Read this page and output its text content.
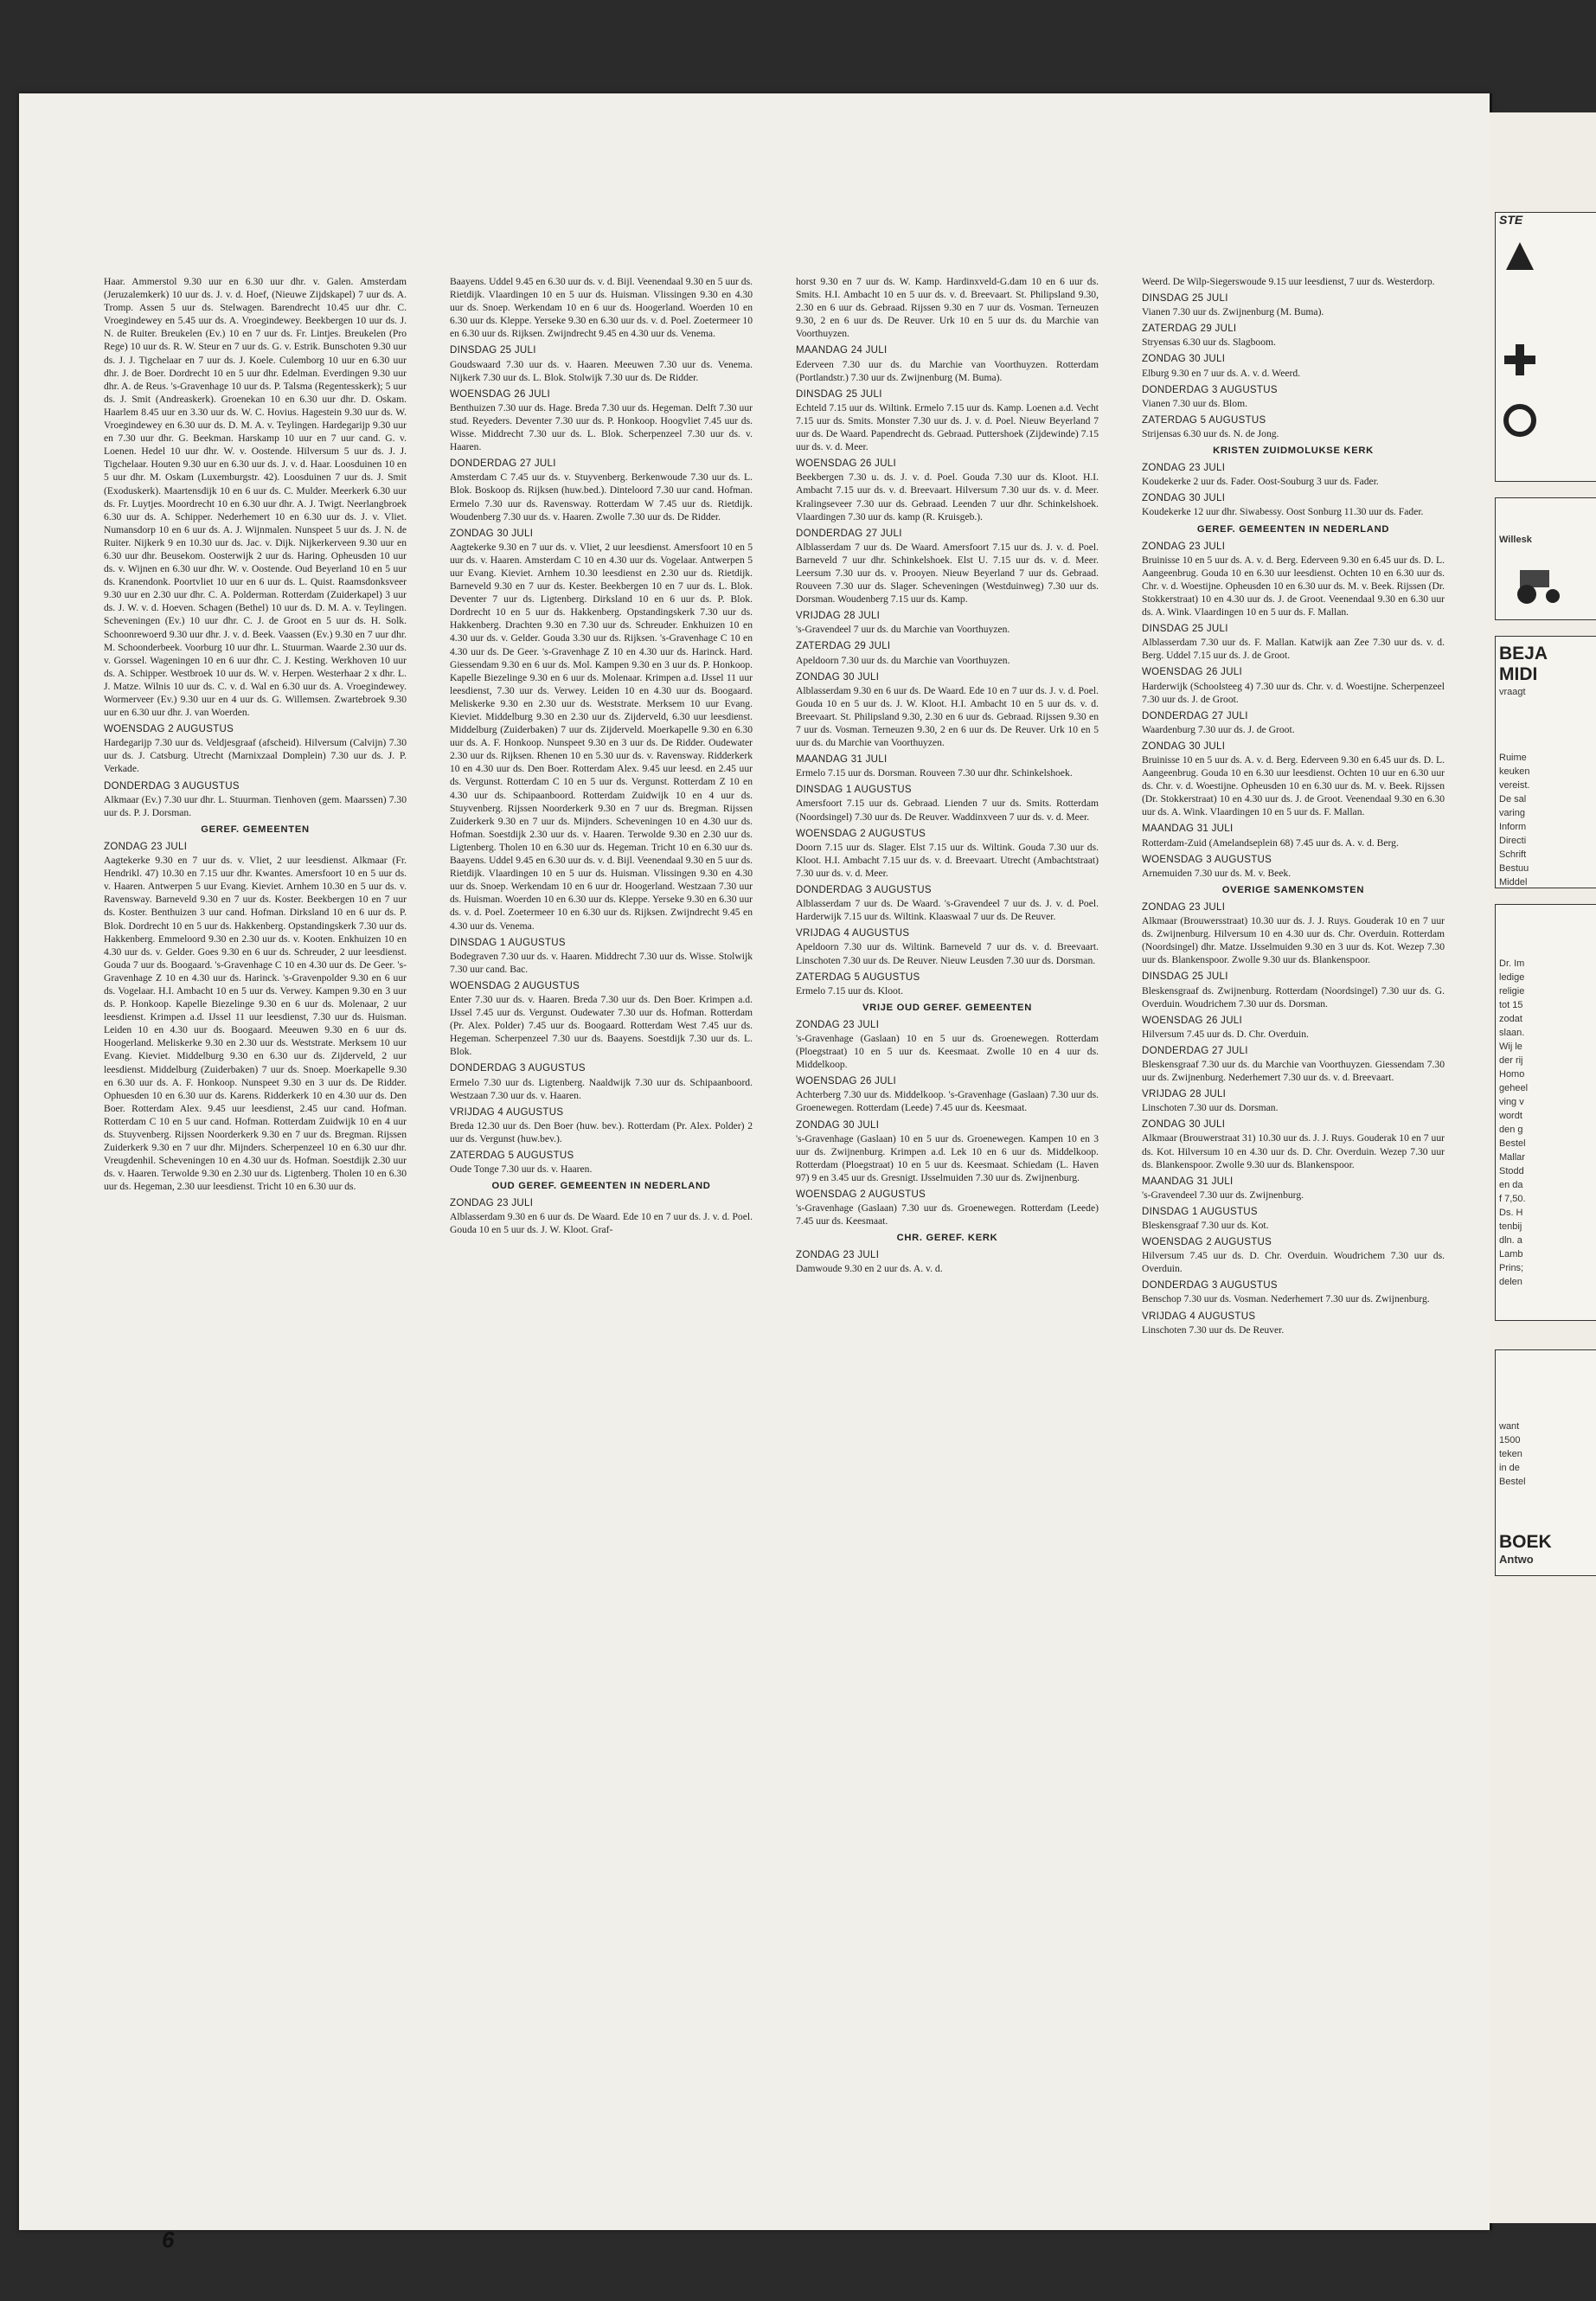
Haar. Ammerstol 9.30 uur en 6.30 uur dhr. v. Galen. Amsterdam (Jeruzalemkerk) 10 uur ds. J. v. d. Hoef, (Nieuwe Zijdskapel) 7 uur ds. A. Tromp. Assen 5 uur ds. Stelwagen. Barendrecht 10.45 uur dhr. C. Vroegindewey en 5.45 uur ds. A. Vroegindewey. Beekbergen 10 uur ds. J. N. de Ruiter. Breukelen (Ev.) 10 en 7 uur ds. Fr. Lintjes. Breukelen (Pro Rege) 10 uur ds. R. W. Steur en 7 uur ds. G. v. Estrik. Bunschoten 9.30 uur ds. J. J. Tigchelaar en 7 uur ds. J. Koele. Culemborg 10 uur en 6.30 uur dhr. J. de Boer. Dordrecht 10 en 5 uur dhr. Edelman. Everdingen 9.30 uur dhr. A. de Reus. 's-Gravenhage 10 uur ds. P. Talsma (Regentesskerk); 5 uur ds. J. Smit (Andreaskerk). Groenekan 10 en 6.30 uur dhr. D. Oskam. Haarlem 8.45 uur en 3.30 uur ds. W. C. Hovius. Hagestein 9.30 uur ds. W. Vroegindewey en 6.30 uur ds. D. M. A. v. Teylingen. Hardegarijp 9.30 uur en 7.30 uur dhr. G. Beekman. Harskamp 10 uur en 7 uur cand. G. v. Loenen. Hedel 10 uur dhr. W. v. Oostende. Hilversum 5 uur ds. J. J. Tigchelaar. Houten 9.30 uur en 6.30 uur ds. J. v. d. Haar. Loosduinen 10 en 5 uur dhr. M. Oskam (Luxemburgstr. 42). Loosduinen 7 uur ds. J. Smit (Exoduskerk). Maartensdijk 10 en 6 uur ds. C. Mulder. Meerkerk 6.30 uur ds. Fr. Luytjes. Moordrecht 10 en 6.30 uur dhr. A. J. Twigt. Neerlangbroek 6.30 uur ds. A. Schipper. Nederhemert 10 en 6.30 uur ds. J. v. Vliet. Numansdorp 10 en 6 uur ds. A. J. Wijnmalen. Nunspeet 5 uur ds. J. N. de Ruiter. Nijkerk 9 en 10.30 uur ds. Jac. v. Dijk. Nijkerkerveen 9.30 uur en 6.30 uur dhr. Beusekom. Oosterwijk 2 uur ds. Haring. Opheusden 10 uur ds. v. Wijnen en 6.30 uur dhr. W. v. Oostende. Oud Beyerland 10 en 5 uur ds. Kranendonk. Poortvliet 10 uur en 6 uur ds. L. Quist. Raamsdonksveer 9.30 uur en 2.30 uur dhr. C. A. Polderman. Rotterdam (Zuiderkapel) 3 uur ds. J. W. v. d. Hoeven. Schagen (Bethel) 10 uur ds. D. M. A. v. Teylingen. Scheveningen (Ev.) 10 uur dhr. C. J. de Groot en 5 uur ds. H. Solk. Schoonrewoerd 9.30 uur dhr. J. v. d. Beek. Vaassen (Ev.) 9.30 en 7 uur dhr. M. Schoonderbeek. Voorburg 10 uur dhr. L. Stuurman. Waarde 2.30 uur ds. v. Gorssel. Wageningen 10 en 6 uur dhr. C. J. Kesting. Werkhoven 10 uur ds. A. Schipper. Westbroek 10 uur ds. W. v. Herpen. Westerhaar 2 x dhr. L. J. Matze. Wilnis 10 uur ds. C. v. d. Wal en 6.30 uur ds. A. Vroegindewey. Wormerveer (Ev.) 9.30 uur en 4 uur ds. G. Willemsen. Zwartebroek 9.30 uur en 6.30 uur dhr. J. van Woerden.

WOENSDAG 2 AUGUSTUS

Hardegarijp 7.30 uur ds. Veldjesgraaf (afscheid). Hilversum (Calvijn) 7.30 uur ds. J. Catsburg. Utrecht (Marnixzaal Domplein) 7.30 uur ds. J. P. Verkade.

DONDERDAG 3 AUGUSTUS

Alkmaar (Ev.) 7.30 uur dhr. L. Stuurman. Tienhoven (gem. Maarssen) 7.30 uur ds. P. J. Dorsman.

GEREF. GEMEENTEN

ZONDAG 23 JULI

Aagtekerke 9.30 en 7 uur ds. v. Vliet, 2 uur leesdienst. Alkmaar (Fr. Hendrikl. 47) 10.30 en 7.15 uur dhr. Kwantes. Amersfoort 10 en 5 uur ds. v. Haaren. Antwerpen 5 uur Evang. Kieviet. Arnhem 10.30 en 5 uur ds. v. Ravensway. Barneveld 9.30 en 7 uur ds. Koster. Beekbergen 10 en 7 uur ds. Koster. Benthuizen 3 uur cand. Hofman. Dirksland 10 en 6 uur ds. P. Blok. Dordrecht 10 en 5 uur ds. Hakkenberg. Opstandingskerk 7.30 uur ds. Hakkenberg. Emmeloord 9.30 en 2.30 uur ds. v. Kooten. Enkhuizen 10 en 4.30 uur ds. v. Gelder. Goes 9.30 en 6 uur ds. Schreuder, 2 uur leesdienst. Gouda 7 uur ds. Boogaard. 's-Gravenhage C 10 en 4.30 uur ds. De Geer. 's-Gravenhage Z 10 en 4.30 uur ds. Harinck. 's-Gravenpolder 9.30 en 6 uur ds. Vogelaar. H.I. Ambacht 10 en 5 uur ds. Verwey. Kampen 9.30 en 3 uur ds. P. Honkoop. Kapelle Biezelinge 9.30 en 6 uur ds. Molenaar, 2 uur leesdienst. Krimpen a.d. IJssel 11 uur leesdienst, 7.30 uur ds. Huisman. Leiden 10 en 4.30 uur ds. Boogaard. Meeuwen 9.30 en 6 uur ds. Hoogerland. Meliskerke 9.30 en 2.30 uur ds. Weststrate. Merksem 10 uur Evang. Kieviet. Middelburg 9.30 en 6.30 uur ds. Zijderveld, 2 uur leesdienst. Middelburg (Zuiderbaken) 7 uur ds. Snoep. Moerkapelle 9.30 en 6.30 uur ds. A. F. Honkoop. Nunspeet 9.30 en 3 uur ds. De Ridder. Ophuesden 10 en 6.30 uur ds. Karens. Ridderkerk 10 en 4.30 uur ds. Den Boer. Rotterdam Alex. 9.45 uur leesdienst, 2.45 uur cand. Hofman. Rotterdam C 10 en 5 uur cand. Hofman. Rotterdam Zuidwijk 10 en 4 uur ds. Stuyvenberg. Rijssen Noorderkerk 9.30 en 7 uur ds. Bregman. Rijssen Zuiderkerk 9.30 en 7 uur dhr. Mijnders. Scherpenzeel 10 en 6.30 uur dhr. Vreugdenhil. Scheveningen 10 en 4.30 uur ds. Hofman. Soestdijk 2.30 uur ds. v. Haaren. Terwolde 9.30 en 2.30 uur ds. Ligtenberg. Tholen 10 en 6.30 uur ds. Hegeman, 2.30 uur leesdienst. Tricht 10 en 6.30 uur ds.

Baayens. Uddel 9.45 en 6.30 uur ds. v. d. Bijl. Veenendaal 9.30 en 5 uur ds. Rietdijk. Vlaardingen 10 en 5 uur ds. Huisman. Vlissingen 9.30 en 4.30 uur ds. Snoep. Werkendam 10 en 6 uur ds. Hoogerland. Woerden 10 en 6.30 uur ds. Kleppe. Yerseke 9.30 en 6.30 uur ds. v. d. Poel. Zoetermeer 10 en 6.30 uur ds. Rijksen. Zwijndrecht 9.45 en 4.30 uur ds. Venema.

DINSDAG 25 JULI

Goudswaard 7.30 uur ds. v. Haaren. Meeuwen 7.30 uur ds. Venema. Nijkerk 7.30 uur ds. L. Blok. Stolwijk 7.30 uur ds. De Ridder.

WOENSDAG 26 JULI

Benthuizen 7.30 uur ds. Hage. Breda 7.30 uur ds. Hegeman. Delft 7.30 uur stud. Reyeders. Deventer 7.30 uur ds. P. Honkoop. Hoogvliet 7.45 uur ds. Wisse. Middrecht 7.30 uur ds. L. Blok. Scherpenzeel 7.30 uur ds. v. Haaren.

DONDERDAG 27 JULI

Amsterdam C 7.45 uur ds. v. Stuyvenberg. Berkenwoude 7.30 uur ds. L. Blok. Boskoop ds. Rijksen (huw.bed.). Dinteloord 7.30 uur cand. Hofman. Ermelo 7.30 uur ds. Ravensway. Rotterdam W 7.45 uur ds. Rietdijk. Woudenberg 7.30 uur ds. v. Haaren. Zwolle 7.30 uur ds. De Ridder.

ZONDAG 30 JULI

Aagtekerke 9.30 en 7 uur ds. v. Vliet, 2 uur leesdienst. Amersfoort 10 en 5 uur ds. v. Haaren. Amsterdam C 10 en 4.30 uur ds. Vogelaar. Antwerpen 5 uur Evang. Kieviet. Arnhem 10.30 leesdienst en 2.30 uur ds. Rietdijk. Barneveld 9.30 en 7 uur ds. Kester. Beekbergen 10 en 7 uur ds. L. Blok. Deventer 7 uur ds. Ligtenberg. Dirksland 10 en 6 uur ds. P. Blok. Dordrecht 10 en 5 uur ds. Hakkenberg. Opstandingskerk 7.30 uur ds. Hakkenberg. Drachten 9.30 en 7.30 uur ds. Schreuder. Enkhuizen 10 en 4.30 uur ds. v. Gelder. Gouda 3.30 uur ds. Rijksen. 's-Gravenhage C 10 en 4.30 uur ds. De Geer. 's-Gravenhage Z 10 en 4.30 uur ds. Harinck. Hard. Giessendam 9.30 en 6 uur ds. Mol. Kampen 9.30 en 3 uur ds. P. Honkoop. Kapelle Biezelinge 9.30 en 6 uur ds. Molenaar. Krimpen a.d. IJssel 11 uur leesdienst, 7.30 uur ds. Verwey. Leiden 10 en 4.30 uur ds. Boogaard. Meliskerke 9.30 en 2.30 uur ds. Weststrate. Merksem 10 uur Evang. Kieviet. Middelburg 9.30 en 2.30 uur ds. Zijderveld, 6.30 uur leesdienst. Middelburg (Zuiderbaken) 7 uur ds. Zijderveld. Moerkapelle 9.30 en 6.30 uur ds. A. F. Honkoop. Nunspeet 9.30 en 3 uur ds. De Ridder. Oudewater 2.30 uur ds. Rijksen. Rhenen 10 en 5.30 uur ds. v. Ravensway. Ridderkerk 10 en 4.30 uur ds. Den Boer. Rotterdam Alex. 9.45 uur leesd. en 2.45 uur ds. Vergunst. Rotterdam C 10 en 5 uur ds. Vergunst. Rotterdam Z 10 en 4.30 uur ds. Schipaanboord. Rotterdam Zuidwijk 10 en 4 uur ds. Stuyvenberg. Rijssen Noorderkerk 9.30 en 7 uur ds. Bregman. Rijssen Zuiderkerk 9.30 en 7 uur ds. Mijnders. Scheveningen 10 en 4.30 uur ds. Hofman. Soestdijk 2.30 uur ds. v. Haaren. Terwolde 9.30 en 2.30 uur ds. Ligtenberg. Tholen 10 en 6.30 uur ds. Hegeman. Tricht 10 en 6.30 uur ds. Baayens. Uddel 9.45 en 6.30 uur ds. v. d. Bijl. Veenendaal 9.30 en 5 uur ds. Rietdijk. Vlaardingen 10 en 5 uur ds. Huisman. Vlissingen 9.30 en 4.30 uur ds. Snoep. Werkendam 10 en 6 uur dr. Hoogerland. Westzaan 7.30 uur ds. Huisman. Woerden 10 en 6.30 uur ds. Kleppe. Yerseke 9.30 en 6.30 uur ds. v. d. Poel. Zoetermeer 10 en 6.30 uur ds. Rijksen. Zwijndrecht 9.45 en 4.30 uur ds. Venema.

DINSDAG 1 AUGUSTUS

Bodegraven 7.30 uur ds. v. Haaren. Middrecht 7.30 uur ds. Wisse. Stolwijk 7.30 uur cand. Bac.

WOENSDAG 2 AUGUSTUS

Enter 7.30 uur ds. v. Haaren. Breda 7.30 uur ds. Den Boer. Krimpen a.d. IJssel 7.45 uur ds. Vergunst. Oudewater 7.30 uur ds. Hofman. Rotterdam (Pr. Alex. Polder) 7.45 uur ds. Boogaard. Rotterdam West 7.45 uur ds. Hegeman. Scherpenzeel 7.30 uur ds. Baayens. Soestdijk 7.30 uur ds. L. Blok.

DONDERDAG 3 AUGUSTUS

Ermelo 7.30 uur ds. Ligtenberg. Naaldwijk 7.30 uur ds. Schipaanboord. Westzaan 7.30 uur ds. v. Haaren.

VRIJDAG 4 AUGUSTUS

Breda 12.30 uur ds. Den Boer (huw. bev.). Rotterdam (Pr. Alex. Polder) 2 uur ds. Vergunst (huw.bev.).

ZATERDAG 5 AUGUSTUS

Oude Tonge 7.30 uur ds. v. Haaren.

OUD GEREF. GEMEENTEN IN NEDERLAND

ZONDAG 23 JULI

Alblasserdam 9.30 en 6 uur ds. De Waard. Ede 10 en 7 uur ds. J. v. d. Poel. Gouda 10 en 5 uur ds. J. W. Kloot. Graf-

horst 9.30 en 7 uur ds. W. Kamp. Hardinxveld-G.dam 10 en 6 uur ds. Smits. H.I. Ambacht 10 en 5 uur ds. v. d. Breevaart. St. Philipsland 9.30, 2.30 en 6 uur ds. Gebraad. Rijssen 9.30 en 7 uur ds. Vosman. Terneuzen 9.30, 2 en 6 uur ds. De Reuver. Urk 10 en 5 uur ds. du Marchie van Voorthuyzen.

MAANDAG 24 JULI

Ederveen 7.30 uur ds. du Marchie van Voorthuyzen. Rotterdam (Portlandstr.) 7.30 uur ds. Zwijnenburg (M. Buma).

DINSDAG 25 JULI

Echteld 7.15 uur ds. Wiltink. Ermelo 7.15 uur ds. Kamp. Loenen a.d. Vecht 7.15 uur ds. Smits. Monster 7.30 uur ds. J. v. d. Poel. Nieuw Beyerland 7 uur ds. De Waard. Papendrecht ds. Gebraad. Puttershoek (Zijdewinde) 7.15 uur ds. v. d. Meer.

WOENSDAG 26 JULI

Beekbergen 7.30 u. ds. J. v. d. Poel. Gouda 7.30 uur ds. Kloot. H.I. Ambacht 7.15 uur ds. v. d. Breevaart. Hilversum 7.30 uur ds. v. d. Meer. Kralingseveer 7.30 uur ds. Gebraad. Leenden 7 uur dhr. Schinkelshoek. Vlaardingen 7.30 uur ds. kamp (R. Kruisgeb.).

DONDERDAG 27 JULI

Alblasserdam 7 uur ds. De Waard. Amersfoort 7.15 uur ds. J. v. d. Poel. Barneveld 7 uur dhr. Schinkelshoek. Elst U. 7.15 uur ds. v. d. Meer. Leersum 7.30 uur ds. v. Prooyen. Nieuw Beyerland 7 uur ds. Gebraad. Rouveen 7.30 uur ds. Slager. Scheveningen (Westduinweg) 7.30 uur ds. Dorsman. Woudenberg 7.15 uur ds. Kamp.

VRIJDAG 28 JULI

's-Gravendeel 7 uur ds. du Marchie van Voorthuyzen.

ZATERDAG 29 JULI

Apeldoorn 7.30 uur ds. du Marchie van Voorthuyzen.

ZONDAG 30 JULI

Alblasserdam 9.30 en 6 uur ds. De Waard. Ede 10 en 7 uur ds. J. v. d. Poel. Gouda 10 en 5 uur ds. J. W. Kloot. H.I. Ambacht 10 en 5 uur ds. v. d. Breevaart. St. Philipsland 9.30, 2.30 en 6 uur ds. Gebraad. Rijssen 9.30 en 7 uur ds. Vosman. Terneuzen 9.30, 2 en 6 uur ds. De Reuver. Urk 10 en 5 uur ds. du Marchie van Voorthuyzen.

MAANDAG 31 JULI

Ermelo 7.15 uur ds. Dorsman. Rouveen 7.30 uur dhr. Schinkelshoek.

DINSDAG 1 AUGUSTUS

Amersfoort 7.15 uur ds. Gebraad. Lienden 7 uur ds. Smits. Rotterdam (Noordsingel) 7.30 uur ds. De Reuver. Waddinxveen 7 uur ds. v. d. Meer.

WOENSDAG 2 AUGUSTUS

Doorn 7.15 uur ds. Slager. Elst 7.15 uur ds. Wiltink. Gouda 7.30 uur ds. Kloot. H.I. Ambacht 7.15 uur ds. v. d. Breevaart. Utrecht (Ambachtstraat) 7.30 uur ds. v. d. Meer.

DONDERDAG 3 AUGUSTUS

Alblasserdam 7 uur ds. De Waard. 's-Gravendeel 7 uur ds. J. v. d. Poel. Harderwijk 7.15 uur ds. Wiltink. Klaaswaal 7 uur ds. De Reuver.

VRIJDAG 4 AUGUSTUS

Apeldoorn 7.30 uur ds. Wiltink. Barneveld 7 uur ds. v. d. Breevaart. Linschoten 7.30 uur ds. De Reuver. Nieuw Leusden 7.30 uur ds. Dorsman.

ZATERDAG 5 AUGUSTUS

Ermelo 7.15 uur ds. Kloot.

VRIJE OUD GEREF. GEMEENTEN

ZONDAG 23 JULI

's-Gravenhage (Gaslaan) 10 en 5 uur ds. Groenewegen. Rotterdam (Ploegstraat) 10 en 5 uur ds. Keesmaat. Zwolle 10 en 4 uur ds. Middelkoop.

WOENSDAG 26 JULI

Achterberg 7.30 uur ds. Middelkoop. 's-Gravenhage (Gaslaan) 7.30 uur ds. Groenewegen. Rotterdam (Leede) 7.45 uur ds. Keesmaat.

ZONDAG 30 JULI

's-Gravenhage (Gaslaan) 10 en 5 uur ds. Groenewegen. Kampen 10 en 3 uur ds. Zwijnenburg. Krimpen a.d. Lek 10 en 6 uur ds. Middelkoop. Rotterdam (Ploegstraat) 10 en 5 uur ds. Keesmaat. Schiedam (L. Haven 97) 9 en 3.45 uur ds. Gresnigt. IJsselmuiden 7.30 uur ds. Zwijnenburg.

WOENSDAG 2 AUGUSTUS

's-Gravenhage (Gaslaan) 7.30 uur ds. Groenewegen. Rotterdam (Leede) 7.45 uur ds. Keesmaat.

CHR. GEREF. KERK

ZONDAG 23 JULI

Damwoude 9.30 en 2 uur ds. A. v. d.

Weerd. De Wilp-Siegerswoude 9.15 uur leesdienst, 7 uur ds. Westerdorp.

DINSDAG 25 JULI

Vianen 7.30 uur ds. Zwijnenburg (M. Buma).

ZATERDAG 29 JULI

Stryensas 6.30 uur ds. Slagboom.

ZONDAG 30 JULI

Elburg 9.30 en 7 uur ds. A. v. d. Weerd.

DONDERDAG 3 AUGUSTUS

Vianen 7.30 uur ds. Blom.

ZATERDAG 5 AUGUSTUS

Strijensas 6.30 uur ds. N. de Jong.

KRISTEN ZUIDMOLUKSE KERK

ZONDAG 23 JULI

Koudekerke 2 uur ds. Fader. Oost-Souburg 3 uur ds. Fader.

ZONDAG 30 JULI

Koudekerke 12 uur dhr. Siwabessy. Oost Sonburg 11.30 uur ds. Fader.

GEREF. GEMEENTEN IN NEDERLAND

ZONDAG 23 JULI

Bruinisse 10 en 5 uur ds. A. v. d. Berg. Ederveen 9.30 en 6.45 uur ds. D. L. Aangeenbrug. Gouda 10 en 6.30 uur leesdienst. Ochten 10 en 6.30 uur ds. Chr. v. d. Woestijne. Opheusden 10 en 6.30 uur ds. M. v. Beek. Rijssen (Dr. Stokkerstraat) 10 en 4.30 uur ds. J. de Groot. Veenendaal 9.30 en 6.30 uur ds. A. Wink. Vlaardingen 10 en 5 uur ds. F. Mallan.

DINSDAG 25 JULI

Alblasserdam 7.30 uur ds. F. Mallan. Katwijk aan Zee 7.30 uur ds. v. d. Berg. Uddel 7.15 uur ds. J. de Groot.

WOENSDAG 26 JULI

Harderwijk (Schoolsteeg 4) 7.30 uur ds. Chr. v. d. Woestijne. Scherpenzeel 7.30 uur ds. J. de Groot.

DONDERDAG 27 JULI

Waardenburg 7.30 uur ds. J. de Groot.

ZONDAG 30 JULI

Bruinisse 10 en 5 uur ds. A. v. d. Berg. Ederveen 9.30 en 6.45 uur ds. D. L. Aangeenbrug. Gouda 10 en 6.30 uur leesdienst. Ochten 10 uur en 6.30 uur ds. Chr. v. d. Woestijne. Opheusden 10 en 6.30 uur ds. M. v. Beek. Rijssen (Dr. Stokkerstraat) 10 en 4.30 uur ds. J. de Groot. Veenendaal 9.30 en 6.30 uur ds. A. Wink. Vlaardingen 10 en 5 uur ds. F. Mallan.

MAANDAG 31 JULI

Rotterdam-Zuid (Amelandseplein 68) 7.45 uur ds. A. v. d. Berg.

WOENSDAG 3 AUGUSTUS

Arnemuiden 7.30 uur ds. M. v. Beek.

OVERIGE SAMENKOMSTEN

ZONDAG 23 JULI

Alkmaar (Brouwersstraat) 10.30 uur ds. J. J. Ruys. Gouderak 10 en 7 uur ds. Zwijnenburg. Hilversum 10 en 4.30 uur ds. Chr. Overduin. Rotterdam (Noordsingel) dhr. Matze. IJsselmuiden 9.30 en 3 uur ds. Kot. Wezep 7.30 uur ds. Blankenspoor. Zwolle 9.30 uur ds. Blankenspoor.

DINSDAG 25 JULI

Bleskensgraaf ds. Zwijnenburg. Rotterdam (Noordsingel) 7.30 uur ds. G. Overduin. Woudrichem 7.30 uur ds. Dorsman.

WOENSDAG 26 JULI

Hilversum 7.45 uur ds. D. Chr. Overduin.

DONDERDAG 27 JULI

Bleskensgraaf 7.30 uur ds. du Marchie van Voorthuyzen. Giessendam 7.30 uur ds. Zwijnenburg. Nederhemert 7.30 uur ds. v. d. Breevaart.

VRIJDAG 28 JULI

Linschoten 7.30 uur ds. Dorsman.

ZONDAG 30 JULI

Alkmaar (Brouwerstraat 31) 10.30 uur ds. J. J. Ruys. Gouderak 10 en 7 uur ds. Kot. Hilversum 10 en 4.30 uur ds. D. Chr. Overduin. Wezep 7.30 uur ds. Blankenspoor. Zwolle 9.30 uur ds. Blankenspoor.

MAANDAG 31 JULI

's-Gravendeel 7.30 uur ds. Zwijnenburg.

DINSDAG 1 AUGUSTUS

Bleskensgraaf 7.30 uur ds. Kot.

WOENSDAG 2 AUGUSTUS

Hilversum 7.45 uur ds. D. Chr. Overduin. Woudrichem 7.30 uur ds. Overduin.

DONDERDAG 3 AUGUSTUS

Benschop 7.30 uur ds. Vosman. Nederhemert 7.30 uur ds. Zwijnenburg.

VRIJDAG 4 AUGUSTUS

Linschoten 7.30 uur ds. De Reuver.

6
STE
Willesk
BEJA
MIDI
vraagt
Ruime
keuken
vereist.
De sal
varing
Inform
Directi
Schrift
Bestuu
Middel
Dr. Im
ledige
religie
tot 15
zodat
slaan.
Wij le
der rij
Homo
geheel
ving v
wordt
den g
Bestel
Mallar
Stodd
en da
f 7,50.
Ds. H
tenbij
dln. a
Lamb
Prins;
delen
want
1500
teken
in de
Bestel
BOEK
Antwo
